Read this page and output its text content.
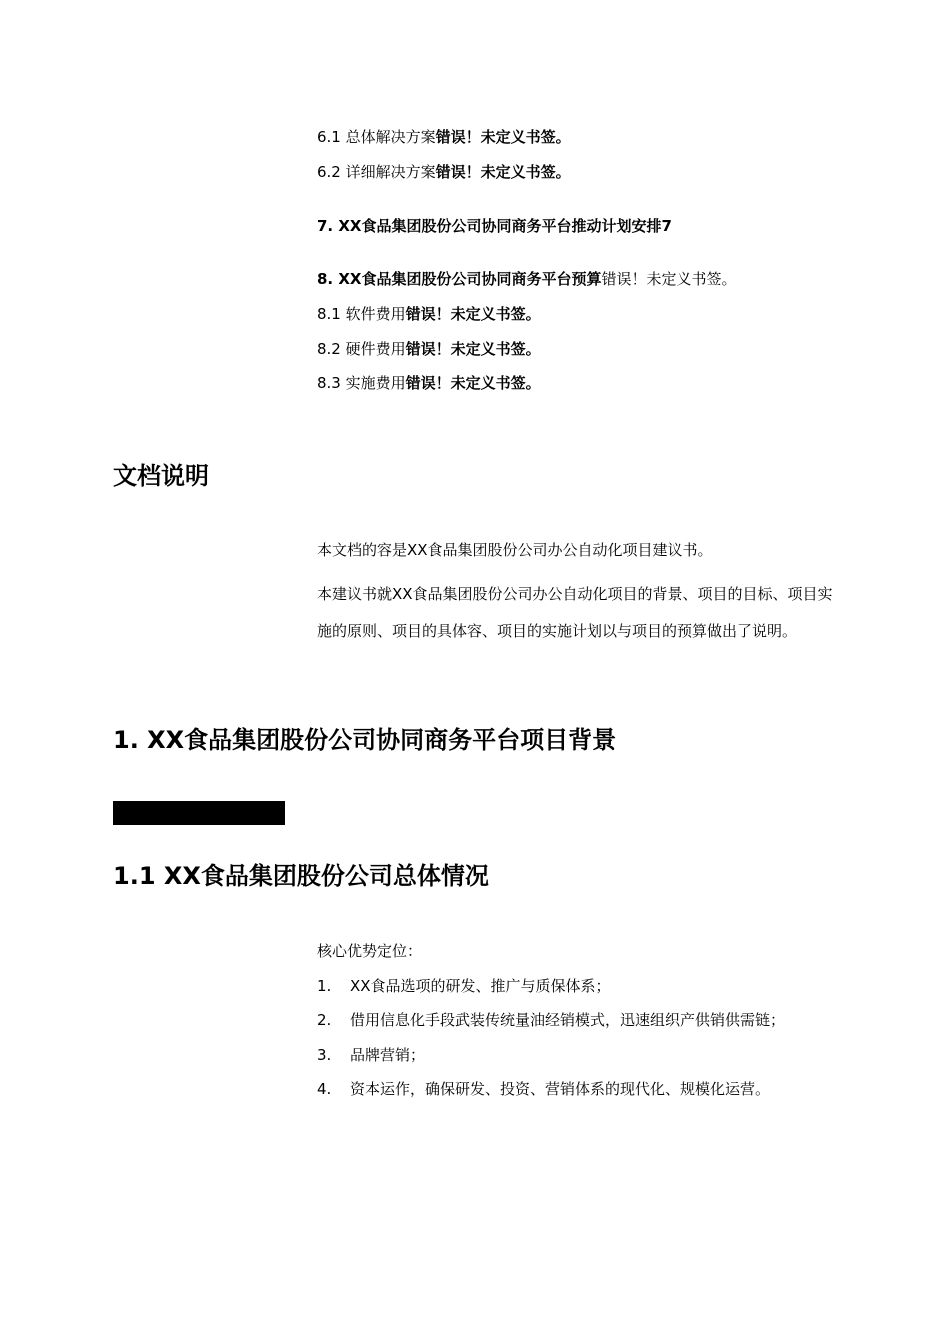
6.1 总体解决方案错误！未定义书签。
6.2 详细解决方案错误！未定义书签。
7. XX食品集团股份公司协同商务平台推动计划安排7
8. XX食品集团股份公司协同商务平台预算错误！未定义书签。
8.1 软件费用错误！未定义书签。
8.2 硬件费用错误！未定义书签。
8.3 实施费用错误！未定义书签。
文档说明
本文档的容是XX食品集团股份公司办公自动化项目建议书。
本建议书就XX食品集团股份公司办公自动化项目的背景、项目的目标、项目实施的原则、项目的具体容、项目的实施计划以与项目的预算做出了说明。
1. XX食品集团股份公司协同商务平台项目背景
1.1 XX食品集团股份公司总体情况
核心优势定位：
1. XX食品选项的研发、推广与质保体系；
2. 借用信息化手段武装传统量油经销模式，迅速组织产供销供需链；
3. 品牌营销；
4. 资本运作，确保研发、投资、营销体系的现代化、规模化运营。
